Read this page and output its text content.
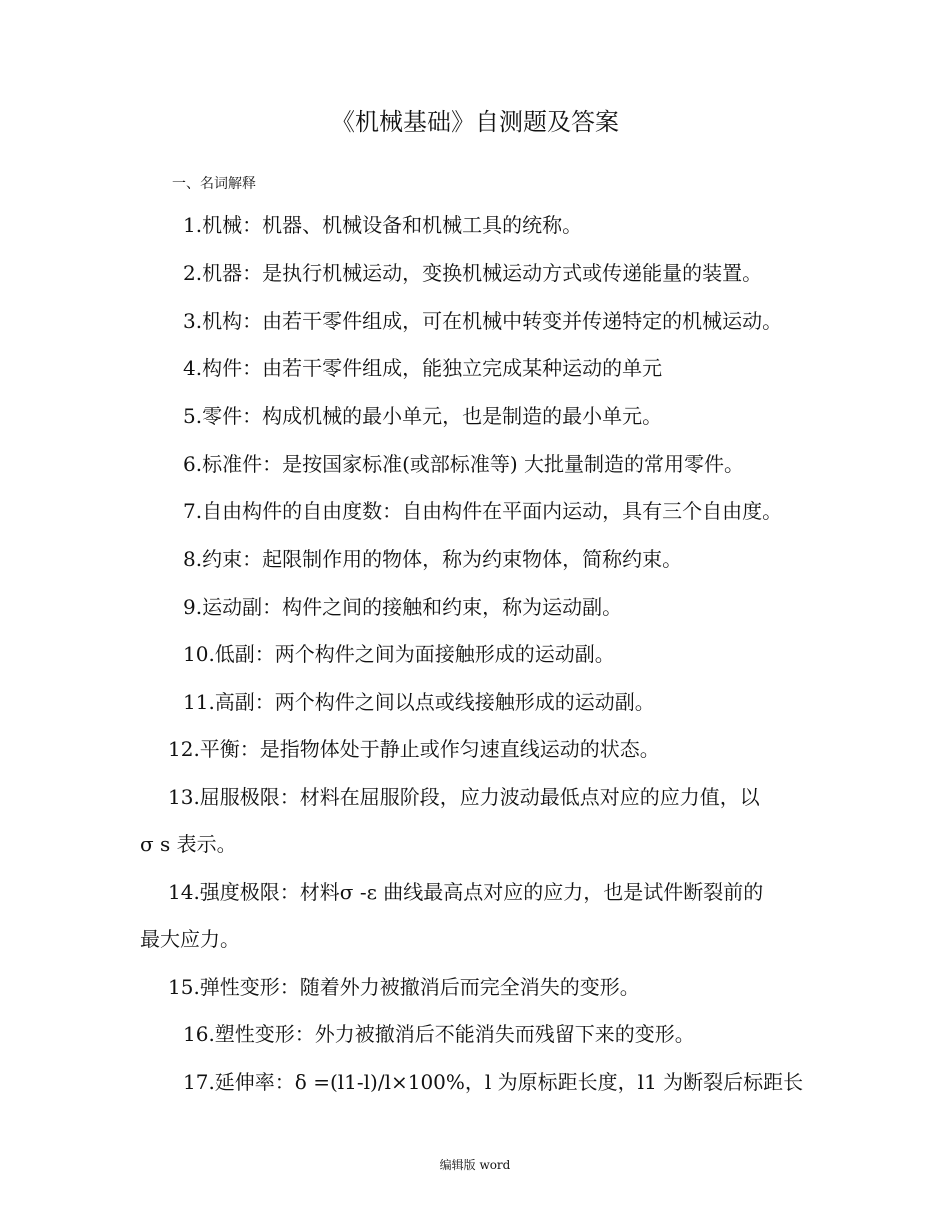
《机械基础》自测题及答案
一、名词解释
1.机械：机器、机械设备和机械工具的统称。
2.机器：是执行机械运动，变换机械运动方式或传递能量的装置。
3.机构：由若干零件组成，可在机械中转变并传递特定的机械运动。
4.构件：由若干零件组成，能独立完成某种运动的单元
5.零件：构成机械的最小单元，也是制造的最小单元。
6.标准件：是按国家标准(或部标准等) 大批量制造的常用零件。
7.自由构件的自由度数：自由构件在平面内运动，具有三个自由度。
8.约束：起限制作用的物体，称为约束物体，简称约束。
9.运动副：构件之间的接触和约束，称为运动副。
10.低副：两个构件之间为面接触形成的运动副。
11.高副：两个构件之间以点或线接触形成的运动副。
12.平衡：是指物体处于静止或作匀速直线运动的状态。
13.屈服极限：材料在屈服阶段，应力波动最低点对应的应力值，以
σ s 表示。
14.强度极限：材料σ -ε 曲线最高点对应的应力，也是试件断裂前的
最大应力。
15.弹性变形：随着外力被撤消后而完全消失的变形。
16.塑性变形：外力被撤消后不能消失而残留下来的变形。
17.延伸率：δ =(l1-l)/l×100%，l 为原标距长度，l1 为断裂后标距长
编辑版 word
